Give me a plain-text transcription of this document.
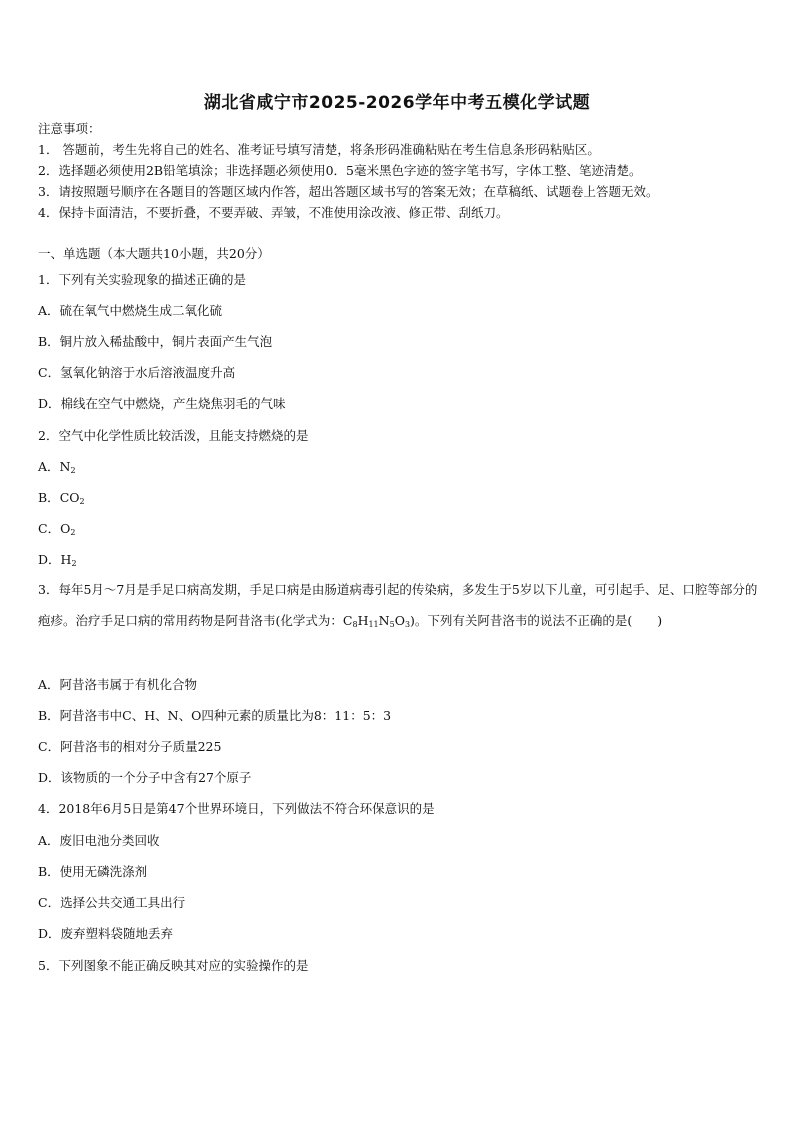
湖北省咸宁市2025-2026学年中考五模化学试题
注意事项：
1． 答题前，考生先将自己的姓名、准考证号填写清楚，将条形码准确粘贴在考生信息条形码粘贴区。
2．选择题必须使用2B铅笔填涂；非选择题必须使用0．5毫米黑色字迹的签字笔书写，字体工整、笔迹清楚。
3．请按照题号顺序在各题目的答题区域内作答，超出答题区域书写的答案无效；在草稿纸、试题卷上答题无效。
4．保持卡面清洁，不要折叠，不要弄破、弄皱，不准使用涂改液、修正带、刮纸刀。
一、单选题（本大题共10小题，共20分）
1．下列有关实验现象的描述正确的是
A．硫在氧气中燃烧生成二氧化硫
B．铜片放入稀盐酸中，铜片表面产生气泡
C．氢氧化钠溶于水后溶液温度升高
D．棉线在空气中燃烧，产生烧焦羽毛的气味
2．空气中化学性质比较活泼，且能支持燃烧的是
A．$N_2$
B．$CO_2$
C．$O_2$
D．$H_2$
3．每年5月～7月是手足口病高发期，手足口病是由肠道病毒引起的传染病，多发生于5岁以下儿童，可引起手、足、口腔等部分的疱疹。治疗手足口病的常用药物是阿昔洛韦(化学式为：$C_8H_{11}N_5O_3$)。下列有关阿昔洛韦的说法不正确的是(　　)
A．阿昔洛韦属于有机化合物
B．阿昔洛韦中C、H、N、O四种元素的质量比为8：11：5：3
C．阿昔洛韦的相对分子质量225
D．该物质的一个分子中含有27个原子
4．2018年6月5日是第47个世界环境日，下列做法不符合环保意识的是
A．废旧电池分类回收
B．使用无磷洗涤剂
C．选择公共交通工具出行
D．废弃塑料袋随地丢弃
5．下列图象不能正确反映其对应的实验操作的是
